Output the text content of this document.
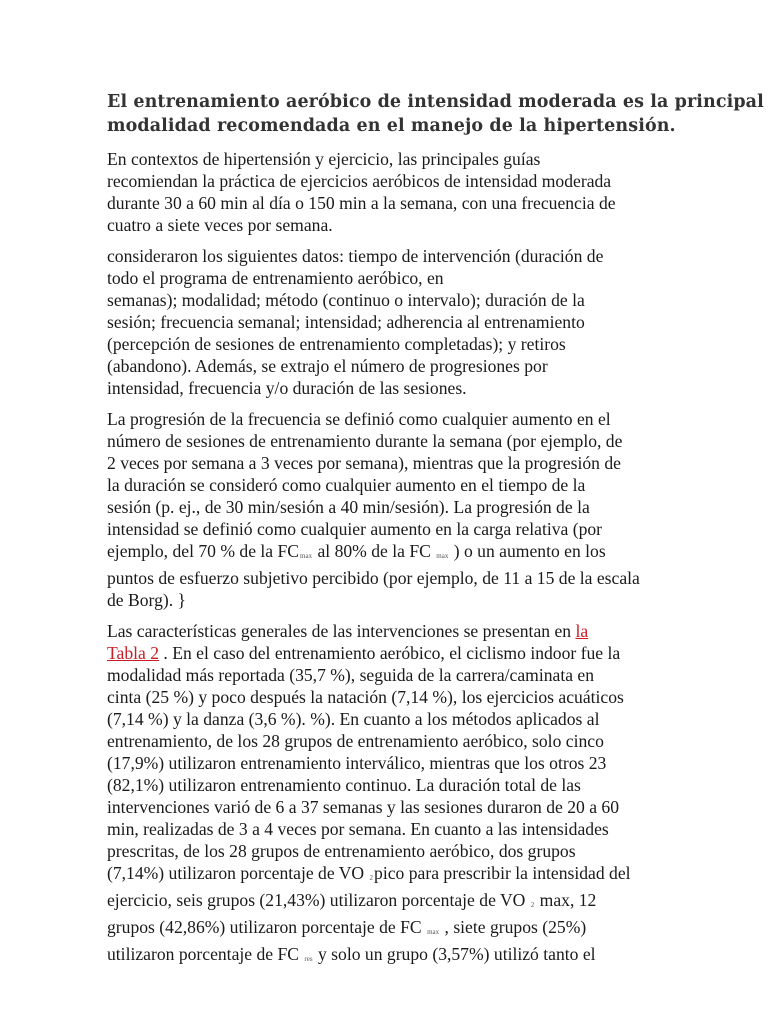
El entrenamiento aeróbico de intensidad moderada es la principal
modalidad recomendada en el manejo de la hipertensión.

En contextos de hipertensión y ejercicio, las principales guías
recomiendan la práctica de ejercicios aeróbicos de intensidad moderada
durante 30 a 60 min al día o 150 min a la semana, con una frecuencia de
cuatro a siete veces por semana.

consideraron los siguientes datos: tiempo de intervención (duración de
todo el programa de entrenamiento aeróbico, en
semanas); modalidad; método (continuo o intervalo); duración de la
sesión; frecuencia semanal; intensidad; adherencia al entrenamiento
(percepción de sesiones de entrenamiento completadas); y retiros
(abandono). Además, se extrajo el número de progresiones por
intensidad, frecuencia y/o duración de las sesiones.

La progresión de la frecuencia se definió como cualquier aumento en el
número de sesiones de entrenamiento durante la semana (por ejemplo, de
2 veces por semana a 3 veces por semana), mientras que la progresión de
la duración se consideró como cualquier aumento en el tiempo de la
sesión (p. ej., de 30 min/sesión a 40 min/sesión). La progresión de la
intensidad se definió como cualquier aumento en la carga relativa (por
ejemplo, del 70 % de la FCmax al 80% de la FC max ) o un aumento en los
puntos de esfuerzo subjetivo percibido (por ejemplo, de 11 a 15 de la escala
de Borg). }

Las características generales de las intervenciones se presentan en la
Tabla 2 . En el caso del entrenamiento aeróbico, el ciclismo indoor fue la
modalidad más reportada (35,7 %), seguida de la carrera/caminata en
cinta (25 %) y poco después la natación (7,14 %), los ejercicios acuáticos
(7,14 %) y la danza (3,6 %). %). En cuanto a los métodos aplicados al
entrenamiento, de los 28 grupos de entrenamiento aeróbico, solo cinco
(17,9%) utilizaron entrenamiento interválico, mientras que los otros 23
(82,1%) utilizaron entrenamiento continuo. La duración total de las
intervenciones varió de 6 a 37 semanas y las sesiones duraron de 20 a 60
min, realizadas de 3 a 4 veces por semana. En cuanto a las intensidades
prescritas, de los 28 grupos de entrenamiento aeróbico, dos grupos
(7,14%) utilizaron porcentaje de VO 2pico para prescribir la intensidad del
ejercicio, seis grupos (21,43%) utilizaron porcentaje de VO 2 max, 12
grupos (42,86%) utilizaron porcentaje de FC max , siete grupos (25%)
utilizaron porcentaje de FC res y solo un grupo (3,57%) utilizó tanto el
